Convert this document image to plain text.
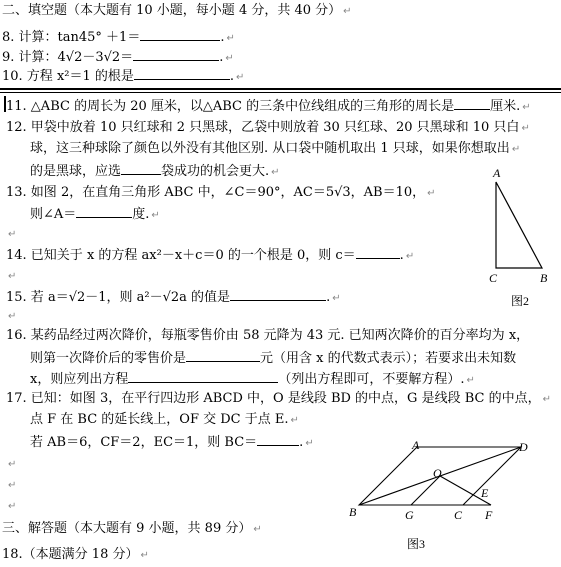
二、填空题（本大题有 10 小题，每小题 4 分，共 40 分） ↵
8. 计算：tan45° ＋1＝	. ↵
9. 计算：4√2－3√2＝	. ↵
10. 方程 x²＝1 的根是	. ↵
11. △ABC 的周长为 20 厘米，以△ABC 的三条中位线组成的三角形的周长是	厘米. ↵
12. 甲袋中放着 10 只红球和 2 只黑球，乙袋中则放着 30 只红球、20 只黑球和 10 只白 ↵
球，这三种球除了颜色以外没有其他区别. 从口袋中随机取出 1 只球，如果你想取出 ↵
的是黑球，应选	袋成功的机会更大. ↵
13. 如图 2，在直角三角形 ABC 中，∠C＝90°，AC＝5√3，AB＝10， ↵
则∠A＝	度. ↵
A
C	B
图2
↵
14. 已知关于 x 的方程 ax²－x＋c＝0 的一个根是 0，则 c＝	. ↵
↵
15. 若 a＝√2－1，则 a²－√2a 的值是	. ↵
↵
16. 某药品经过两次降价，每瓶零售价由 58 元降为 43 元. 已知两次降价的百分率均为 x，
则第一次降价后的零售价是	元（用含 x 的代数式表示）；若要求出未知数
x，则应列出方程	（列出方程即可，不要解方程）. ↵
17. 已知：如图 3，在平行四边形 ABCD 中，O 是线段 BD 的中点，G 是线段 BC 的中点， ↵
点 F 在 BC 的延长线上，OF 交 DC 于点 E. ↵
若 AB＝6，CF＝2，EC＝1，则 BC＝	. ↵
↵
↵
↵
A	D
O
E
B	G	C F
图3
三、解答题（本大题有 9 小题，共 89 分） ↵
18.（本题满分 18 分） ↵
